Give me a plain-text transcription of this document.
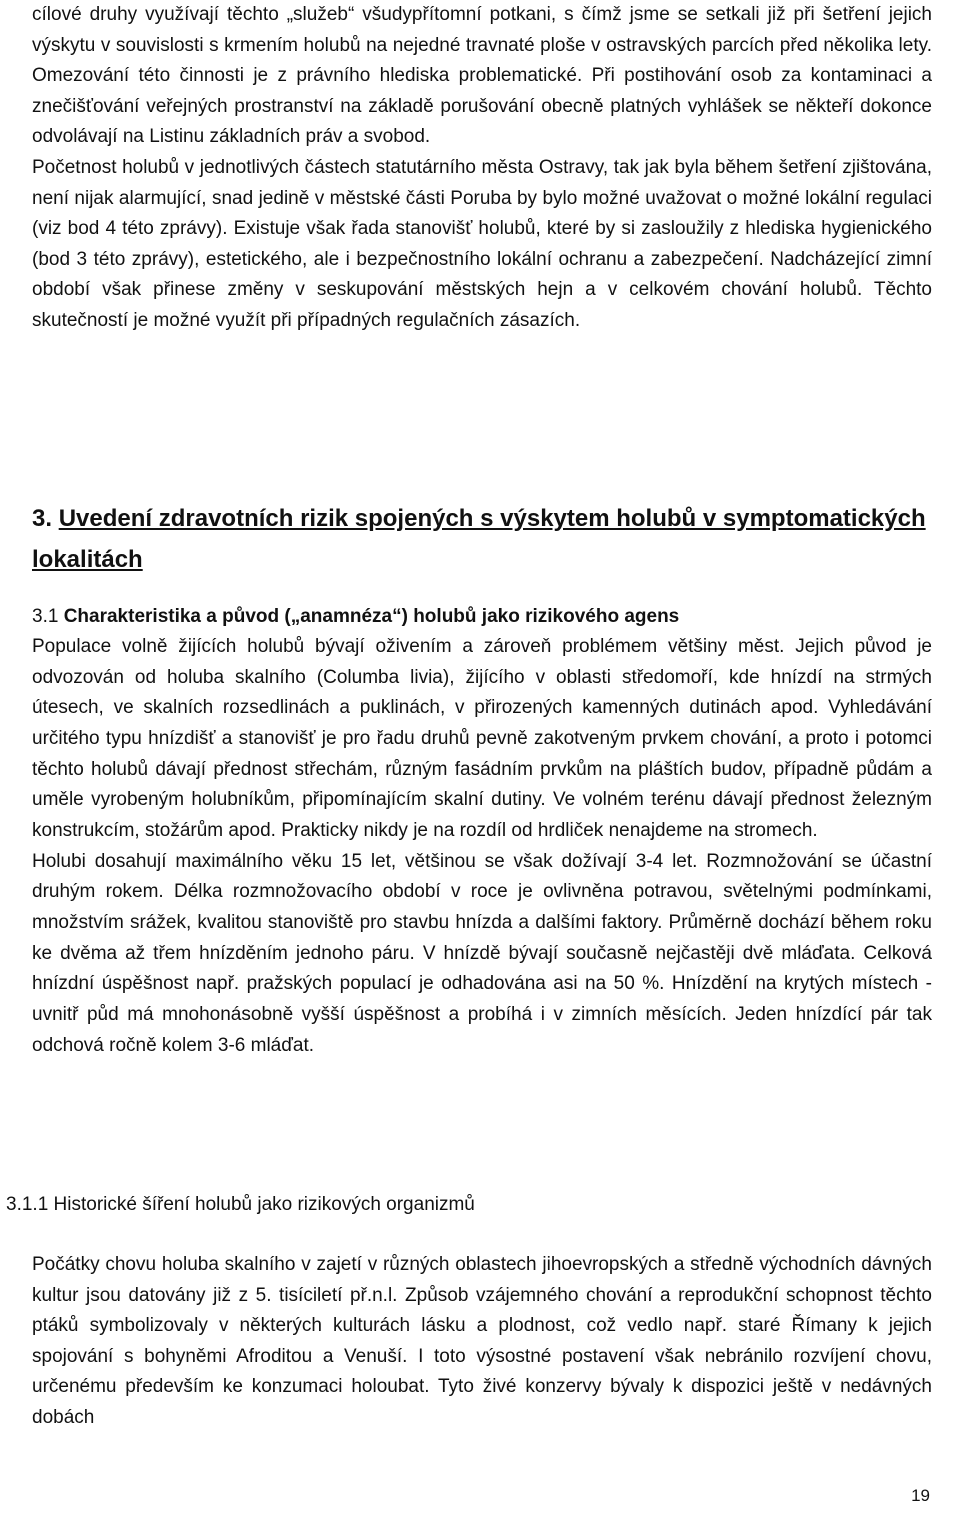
cílové druhy využívají těchto „služeb“ všudypřítomní potkani, s čímž jsme se setkali již při šetření jejich výskytu v souvislosti s krmením holubů na nejedné travnaté ploše v ostravských parcích před několika lety. Omezování této činnosti je z právního hlediska problematické. Při postihování osob za kontaminaci a znečišťování veřejných prostranství na základě porušování obecně platných vyhlášek se někteří dokonce odvolávají na Listinu základních práv a svobod.

Početnost holubů v jednotlivých částech statutárního města Ostravy, tak jak byla během šetření zjištována, není nijak alarmující, snad jedině v městské části Poruba by bylo možné uvažovat o možné lokální regulaci (viz bod 4 této zprávy). Existuje však řada stanovišť holubů, které by si zasloužily z hlediska hygienického (bod 3 této zprávy), estetického, ale i bezpečnostního lokální ochranu a zabezpečení. Nadcházející zimní období však přinese změny v seskupování městských hejn a v celkovém chování holubů. Těchto skutečností je možné využít při případných regulačních zásazích.

3. Uvedení zdravotních rizik spojených s výskytem holubů v symptomatických lokalitách
3.1 Charakteristika a původ („anamnéza“) holubů jako rizikového agens

Populace volně žijících holubů bývají oživením a zároveň problémem většiny měst. Jejich původ je odvozován od holuba skalního (Columba livia), žijícího v oblasti středomoří, kde hnízdí na strmých útesech, ve skalních rozsedlinách a puklinách, v přirozených kamenných dutinách apod. Vyhledávání určitého typu hnízdišť a stanovišť je pro řadu druhů pevně zakotveným prvkem chování, a proto i potomci těchto holubů dávají přednost střechám, různým fasádním prvkům na pláštích budov, případně půdám a uměle vyrobeným holubníkům, připomínajícím skalní dutiny. Ve volném terénu dávají přednost železným konstrukcím, stožárům apod. Prakticky nikdy je na rozdíl od hrdliček nenajdeme na stromech.

Holubi dosahují maximálního věku 15 let, většinou se však dožívají 3-4 let. Rozmnožování se účastní druhým rokem. Délka rozmnožovacího období v roce je ovlivněna potravou, světelnými podmínkami, množstvím srážek, kvalitou stanoviště pro stavbu hnízda a dalšími faktory. Průměrně dochází během roku ke dvěma až třem hnízděním jednoho páru. V hnízdě bývají současně nejčastěji dvě mláďata. Celková hnízdní úspěšnost např. pražských populací je odhadována asi na 50 %. Hnízdění na krytých místech - uvnitř půd má mnohonásobně vyšší úspěšnost a probíhá i v zimních měsících. Jeden hnízdící pár tak odchová ročně kolem 3-6 mláďat.

3.1.1 Historické šíření holubů jako rizikových organizmů

Počátky chovu holuba skalního v zajetí v různých oblastech jihoevropských a středně východních dávných kultur jsou datovány již z 5. tisíciletí př.n.l. Způsob vzájemného chování a reprodukční schopnost těchto ptáků symbolizovaly v některých kulturách lásku a plodnost, což vedlo např. staré Římany k jejich spojování s bohyněmi Afroditou a Venuší. I toto výsostné postavení však nebránilo rozvíjení chovu, určenému především ke konzumaci holoubat. Tyto živé konzervy bývaly k dispozici ještě v nedávných dobách

19
